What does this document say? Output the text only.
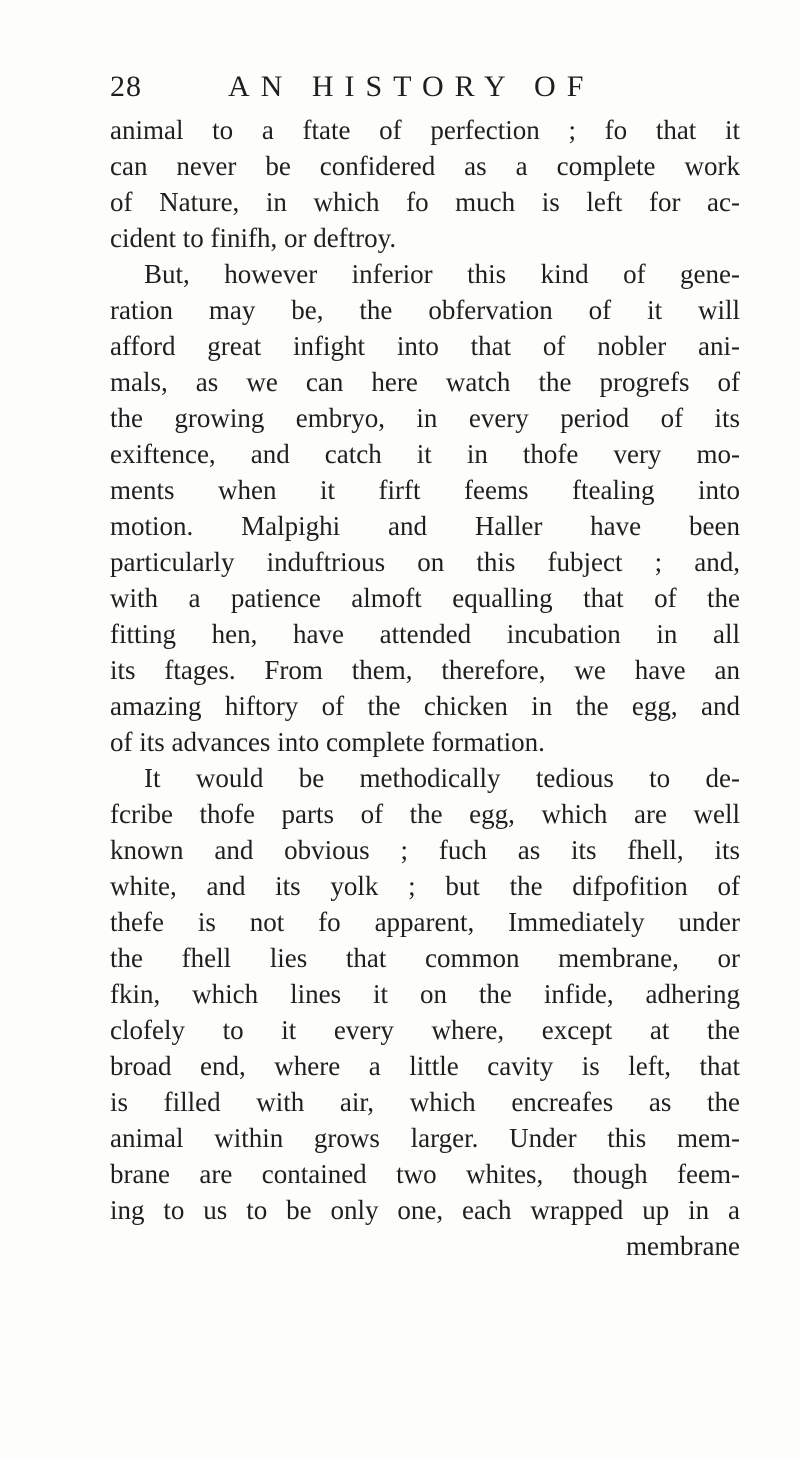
28	AN HISTORY OF
animal to a ftate of perfection ; fo that it
can never be confidered as a complete work
of Nature, in which fo much is left for ac-
cident to finifh, or deftroy.
But, however inferior this kind of gene-
ration may be, the obfervation of it will
afford great infight into that of nobler ani-
mals, as we can here watch the progrefs of
the growing embryo, in every period of its
exiftence, and catch it in thofe very mo-
ments when it firft feems ftealing into
motion. Malpighi and Haller have been
particularly induftrious on this fubject ; and,
with a patience almoft equalling that of the
fitting hen, have attended incubation in all
its ftages. From them, therefore, we have an
amazing hiftory of the chicken in the egg, and
of its advances into complete formation.
It would be methodically tedious to de-
fcribe thofe parts of the egg, which are well
known and obvious ; fuch as its fhell, its
white, and its yolk ; but the difpofition of
thefe is not fo apparent, Immediately under
the fhell lies that common membrane, or
fkin, which lines it on the infide, adhering
clofely to it every where, except at the
broad end, where a little cavity is left, that
is filled with air, which encreafes as the
animal within grows larger. Under this mem-
brane are contained two whites, though feem-
ing to us to be only one, each wrapped up in a
membrane
